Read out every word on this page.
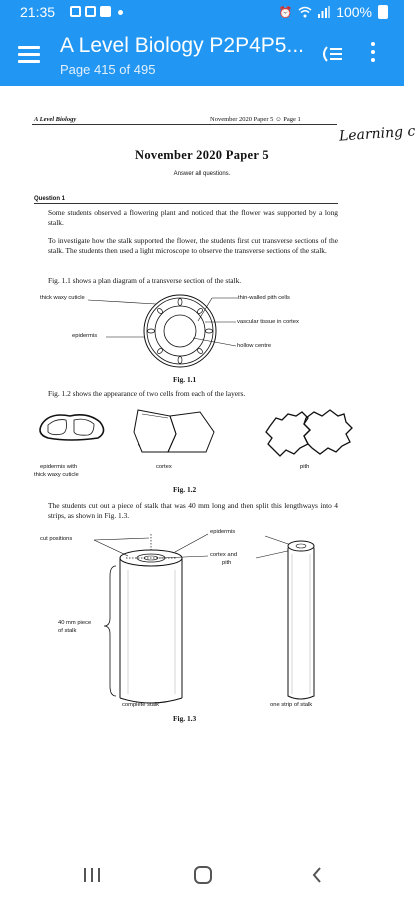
21:35	⏰	100%
A Level Biology P2P4P5...
Page 415 of 495
A Level Biology	November 2020 Paper 5 ☺ Page 1
Learning c
November 2020 Paper 5
Answer all questions.
Question 1
Some students observed a flowering plant and noticed that the flower was supported by a long stalk.
To investigate how the stalk supported the flower, the students first cut transverse sections of the stalk. The students then used a light microscope to observe the transverse sections of the stalk.
Fig. 1.1 shows a plan diagram of a transverse section of the stalk.
thick waxy cuticle	thin-walled pith cells
epidermis
vascular tissue in cortex
hollow centre
Fig. 1.1
Fig. 1.2 shows the appearance of two cells from each of the layers.
epidermis with
thick waxy cuticle
cortex	pith
Fig. 1.2
The students cut out a piece of stalk that was 40 mm long and then split this lengthways into 4 strips, as shown in Fig. 1.3.
cut positions
epidermis
cortex and
pith
40 mm piece
of stalk
complete stalk	one strip of stalk
Fig. 1.3
